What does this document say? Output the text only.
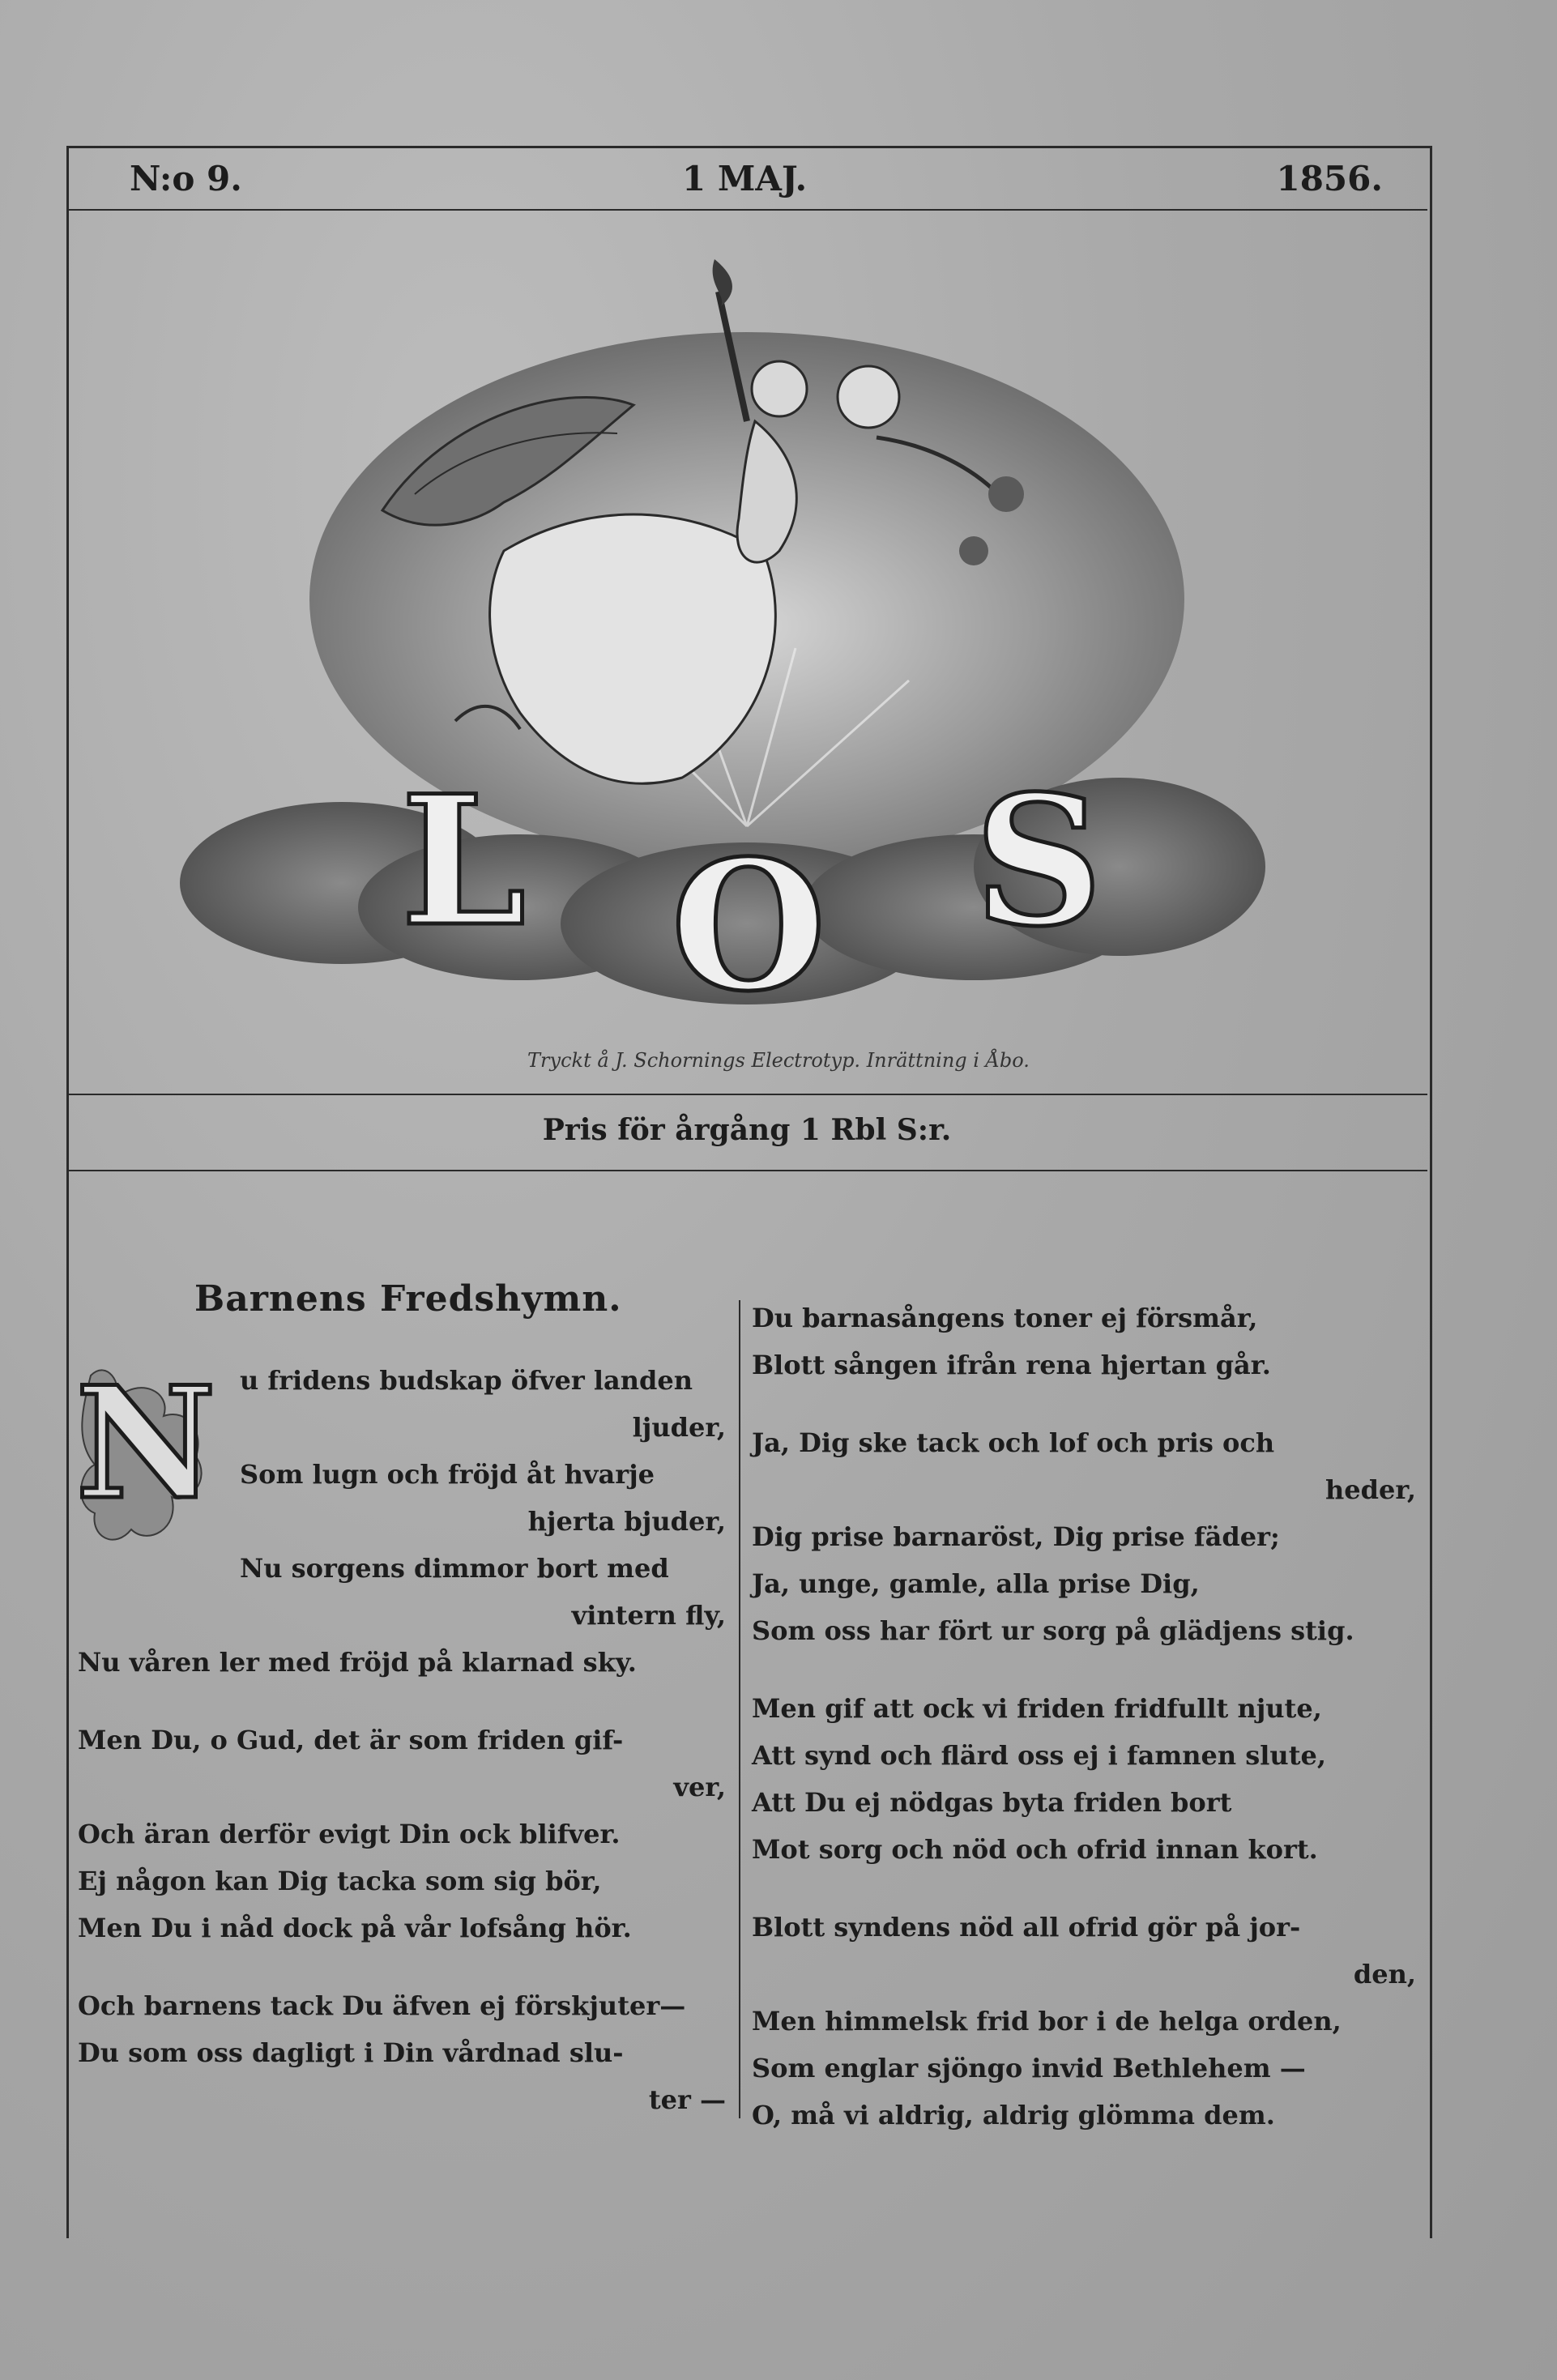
N:o 9.	1 MAJ.	1856.
L O S
Tryckt å J. Schornings Electrotyp. Inrättning i Åbo.
Pris för årgång 1 Rbl S:r.
Barnens Fredshymn.
N u fridens budskap öfver landen
ljuder,
Som lugn och fröjd åt hvarje
hjerta bjuder,
Nu sorgens dimmor bort med
vintern fly,
Nu våren ler med fröjd på klarnad sky.

Men Du, o Gud, det är som friden gif-
ver,
Och äran derför evigt Din ock blifver.
Ej någon kan Dig tacka som sig bör,
Men Du i nåd dock på vår lofsång hör.

Och barnens tack Du äfven ej förskjuter—
Du som oss dagligt i Din vårdnad slu-
ter —

Du barnasångens toner ej försmår,
Blott sången ifrån rena hjertan går.

Ja, Dig ske tack och lof och pris och
heder,
Dig prise barnaröst, Dig prise fäder;
Ja, unge, gamle, alla prise Dig,
Som oss har fört ur sorg på glädjens stig.

Men gif att ock vi friden fridfullt njute,
Att synd och flärd oss ej i famnen slute,
Att Du ej nödgas byta friden bort
Mot sorg och nöd och ofrid innan kort.

Blott syndens nöd all ofrid gör på jor-
den,
Men himmelsk frid bor i de helga orden,
Som englar sjöngo invid Bethlehem —
O, må vi aldrig, aldrig glömma dem.
